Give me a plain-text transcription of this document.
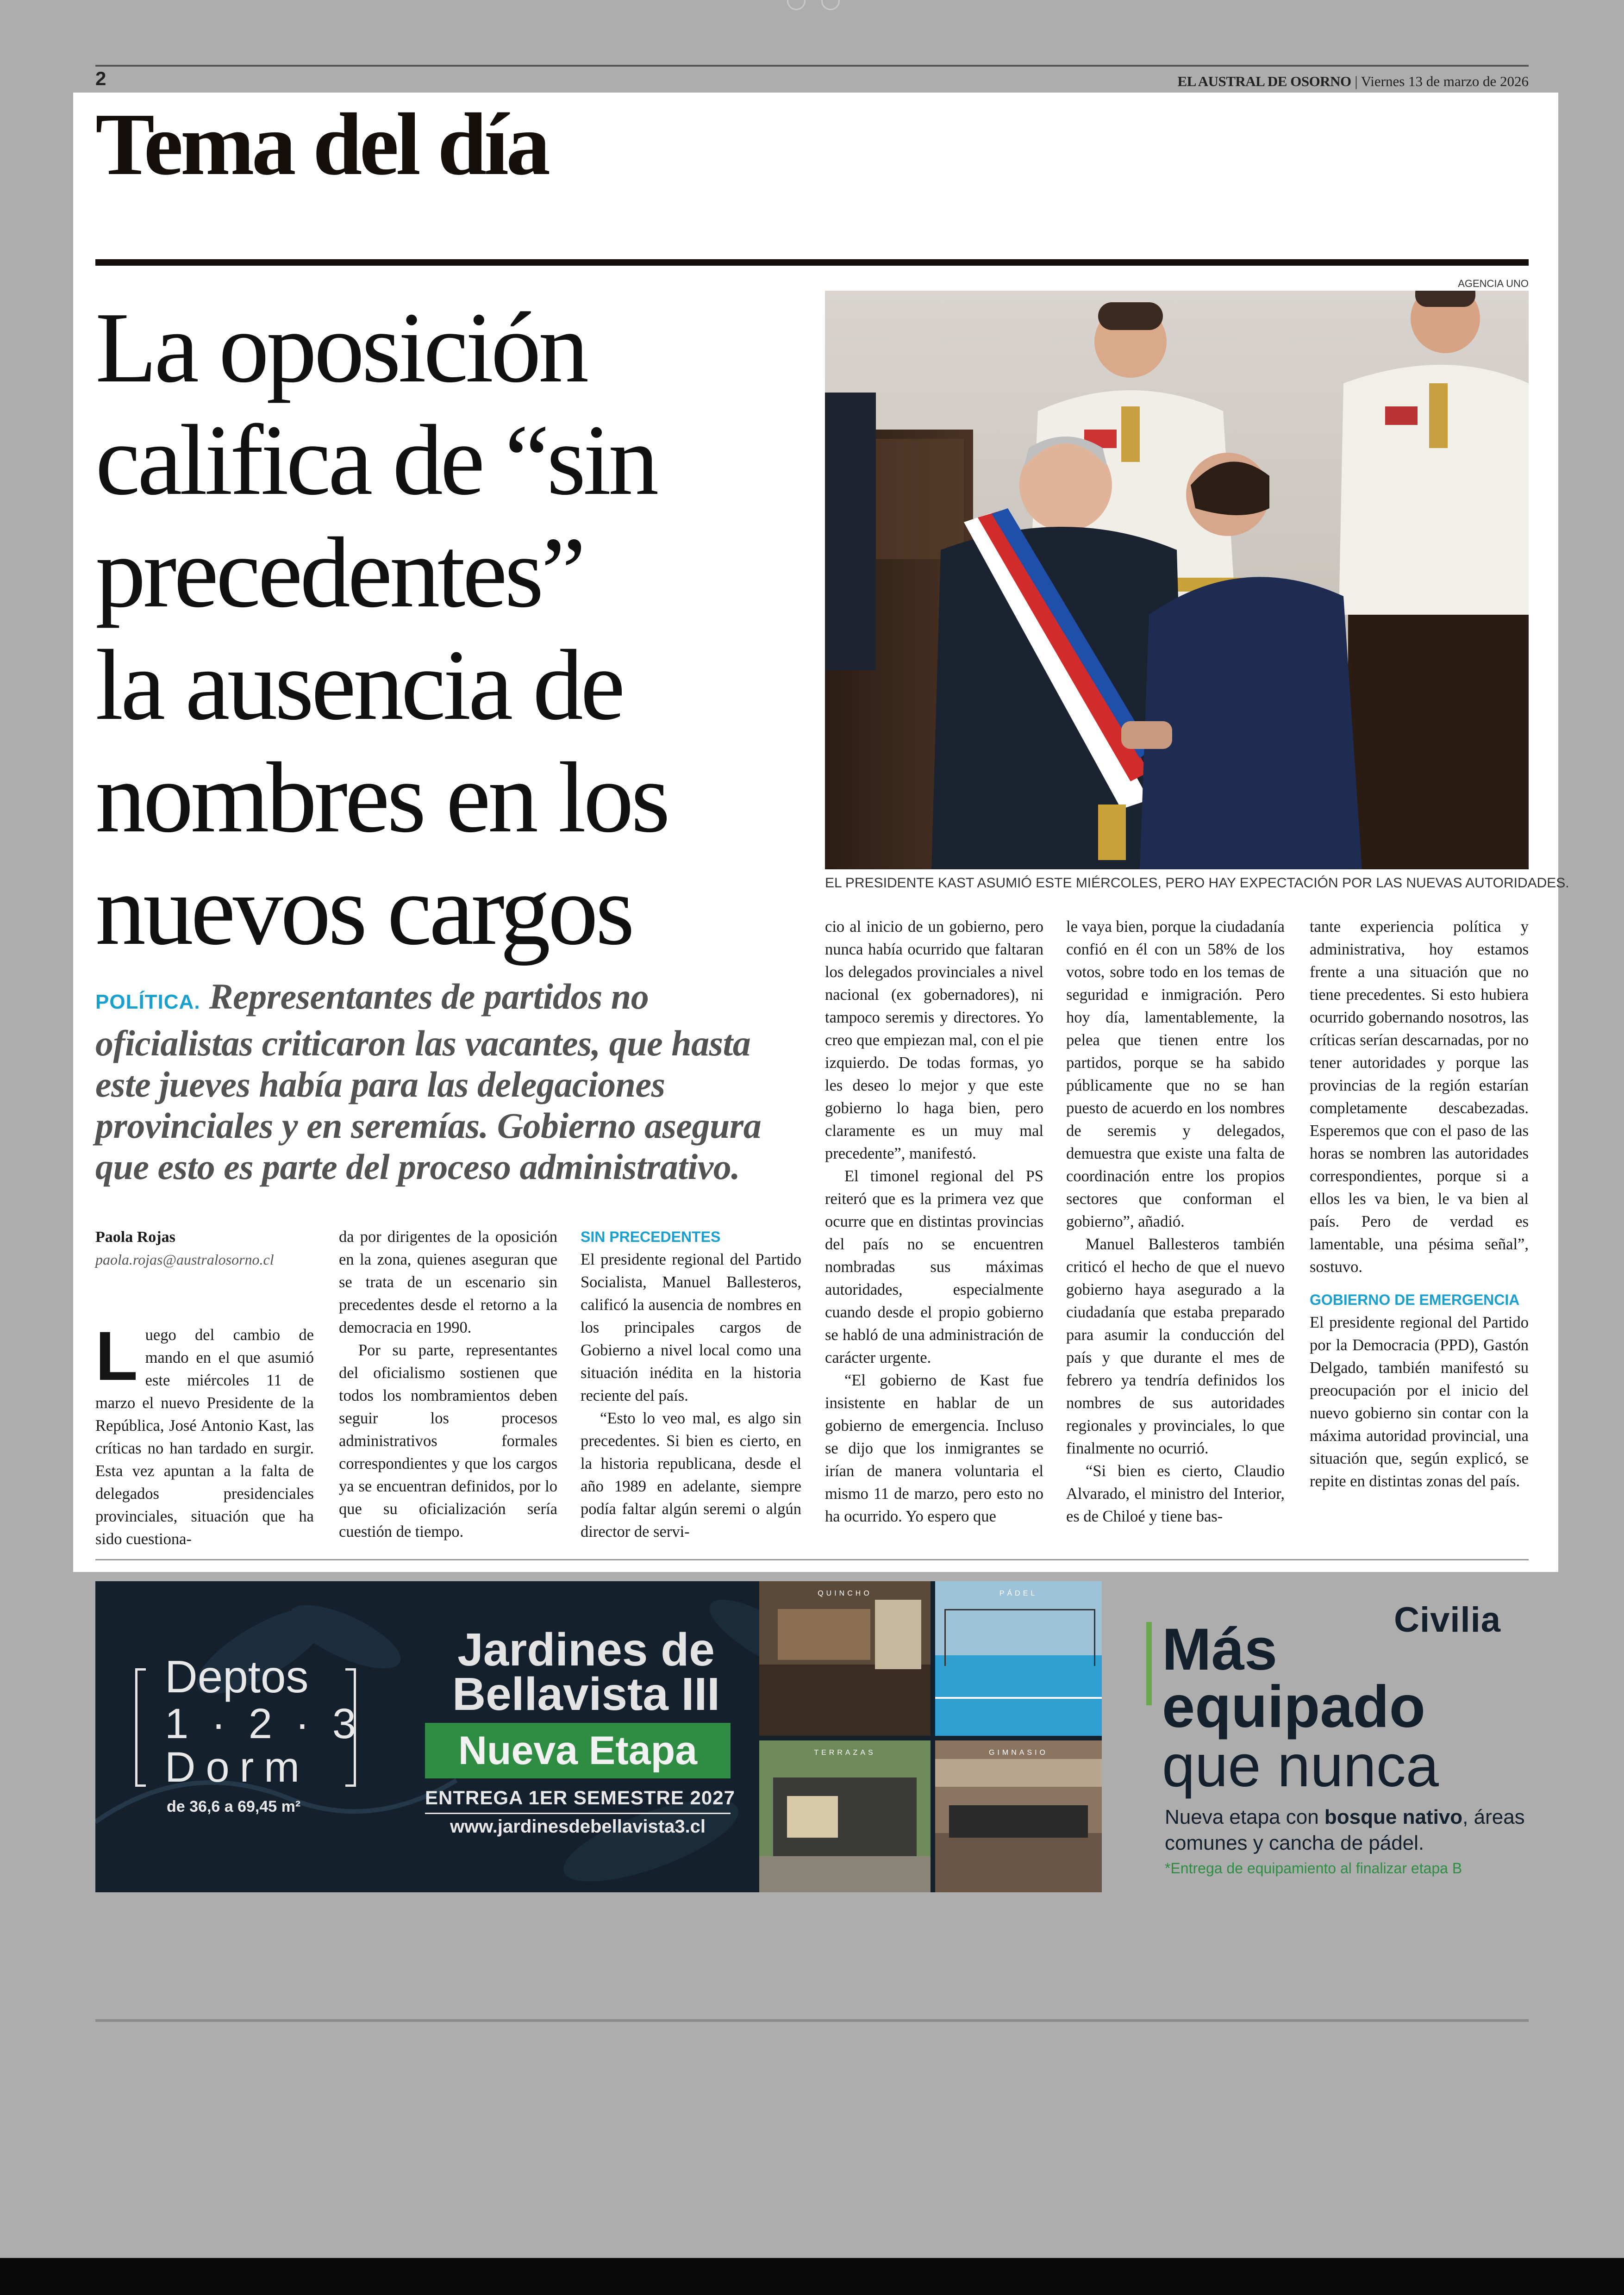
2	EL AUSTRAL DE OSORNO | Viernes 13 de marzo de 2026
Tema del día
La oposición
califica de “sin
precedentes”
la ausencia de
nombres en los
nuevos cargos
POLÍTICA. Representantes de partidos no oficialistas criticaron las vacantes, que hasta este jueves había para las delegaciones provinciales y en seremías. Gobierno asegura que esto es parte del proceso administrativo.
AGENCIA UNO
EL PRESIDENTE KAST ASUMIÓ ESTE MIÉRCOLES, PERO HAY EXPECTACIÓN POR LAS NUEVAS AUTORIDADES.
Paola Rojas
paola.rojas@australosorno.cl

Luego del cambio de mando en el que asumió este miércoles 11 de marzo el nuevo Presidente de la República, José Antonio Kast, las críticas no han tardado en surgir. Esta vez apuntan a la falta de delegados presidenciales provinciales, situación que ha sido cuestiona-

da por dirigentes de la oposición en la zona, quienes aseguran que se trata de un escenario sin precedentes desde el retorno a la democracia en 1990.

Por su parte, representantes del oficialismo sostienen que todos los nombramientos deben seguir los procesos administrativos formales correspondientes y que los cargos ya se encuentran definidos, por lo que su oficialización sería cuestión de tiempo.

SIN PRECEDENTES

El presidente regional del Partido Socialista, Manuel Ballesteros, calificó la ausencia de nombres en los principales cargos de Gobierno a nivel local como una situación inédita en la historia reciente del país.

“Esto lo veo mal, es algo sin precedentes. Si bien es cierto, en la historia republicana, desde el año 1989 en adelante, siempre podía faltar algún seremi o algún director de servi-

cio al inicio de un gobierno, pero nunca había ocurrido que faltaran los delegados provinciales a nivel nacional (ex gobernadores), ni tampoco seremis y directores. Yo creo que empiezan mal, con el pie izquierdo. De todas formas, yo les deseo lo mejor y que este gobierno lo haga bien, pero claramente es un muy mal precedente”, manifestó.

El timonel regional del PS reiteró que es la primera vez que ocurre que en distintas provincias del país no se encuentren nombradas sus máximas autoridades, especialmente cuando desde el propio gobierno se habló de una administración de carácter urgente.

“El gobierno de Kast fue insistente en hablar de un gobierno de emergencia. Incluso se dijo que los inmigrantes se irían de manera voluntaria el mismo 11 de marzo, pero esto no ha ocurrido. Yo espero que

le vaya bien, porque la ciudadanía confió en él con un 58% de los votos, sobre todo en los temas de seguridad e inmigración. Pero hoy día, lamentablemente, la pelea que tienen entre los partidos, porque se ha sabido públicamente que no se han puesto de acuerdo en los nombres de seremis y delegados, demuestra que existe una falta de coordinación entre los propios sectores que conforman el gobierno”, añadió.

Manuel Ballesteros también criticó el hecho de que el nuevo gobierno haya asegurado a la ciudadanía que estaba preparado para asumir la conducción del país y que durante el mes de febrero ya tendría definidos los nombres de sus autoridades regionales y provinciales, lo que finalmente no ocurrió.

“Si bien es cierto, Claudio Alvarado, el ministro del Interior, es de Chiloé y tiene bas-

tante experiencia política y administrativa, hoy estamos frente a una situación que no tiene precedentes. Si esto hubiera ocurrido gobernando nosotros, las críticas serían descarnadas, por no tener autoridades y porque las provincias de la región estarían completamente descabezadas. Esperemos que con el paso de las horas se nombren las autoridades correspondientes, porque si a ellos les va bien, le va bien al país. Pero de verdad es lamentable, una pésima señal”, sostuvo.

GOBIERNO DE EMERGENCIA

El presidente regional del Partido por la Democracia (PPD), Gastón Delgado, también manifestó su preocupación por el inicio del nuevo gobierno sin contar con la máxima autoridad provincial, una situación que, según explicó, se repite en distintas zonas del país.

Deptos
1 · 2 · 3
Dorm
de 36,6 a 69,45 m²
Jardines de
Bellavista III
Nueva Etapa
ENTREGA 1ER SEMESTRE 2027
www.jardinesdebellavista3.cl
QUINCHO	PÁDEL
TERRAZAS	GIMNASIO
Civilia
Más
equipado
que nunca
Nueva etapa con bosque nativo, áreas comunes y cancha de pádel.
*Entrega de equipamiento al finalizar etapa B
